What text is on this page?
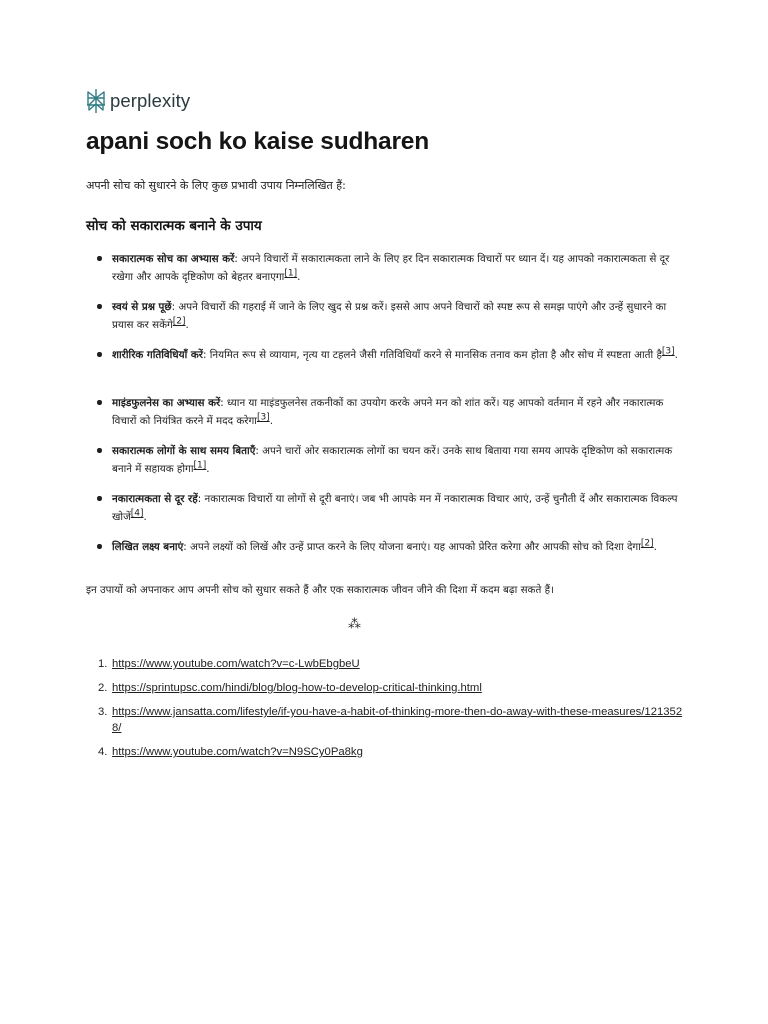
perplexity
apani soch ko kaise sudharen
अपनी सोच को सुधारने के लिए कुछ प्रभावी उपाय निम्नलिखित हैं:
सोच को सकारात्मक बनाने के उपाय
सकारात्मक सोच का अभ्यास करें: अपने विचारों में सकारात्मकता लाने के लिए हर दिन सकारात्मक विचारों पर ध्यान दें। यह आपको नकारात्मकता से दूर रखेगा और आपके दृष्टिकोण को बेहतर बनाएगा[1].
स्वयं से प्रश्न पूछें: अपने विचारों की गहराई में जाने के लिए खुद से प्रश्न करें। इससे आप अपने विचारों को स्पष्ट रूप से समझ पाएंगे और उन्हें सुधारने का प्रयास कर सकेंगे[2].
शारीरिक गतिविधियाँ करें: नियमित रूप से व्यायाम, नृत्य या टहलने जैसी गतिविधियाँ करने से मानसिक तनाव कम होता है और सोच में स्पष्टता आती है[3].
माइंडफुलनेस का अभ्यास करें: ध्यान या माइंडफुलनेस तकनीकों का उपयोग करके अपने मन को शांत करें। यह आपको वर्तमान में रहने और नकारात्मक विचारों को नियंत्रित करने में मदद करेगा[3].
सकारात्मक लोगों के साथ समय बिताएँ: अपने चारों ओर सकारात्मक लोगों का चयन करें। उनके साथ बिताया गया समय आपके दृष्टिकोण को सकारात्मक बनाने में सहायक होगा[1].
नकारात्मकता से दूर रहें: नकारात्मक विचारों या लोगों से दूरी बनाएं। जब भी आपके मन में नकारात्मक विचार आएं, उन्हें चुनौती दें और सकारात्मक विकल्प खोजें[4].
लिखित लक्ष्य बनाएं: अपने लक्ष्यों को लिखें और उन्हें प्राप्त करने के लिए योजना बनाएं। यह आपको प्रेरित करेगा और आपकी सोच को दिशा देगा[2].
इन उपायों को अपनाकर आप अपनी सोच को सुधार सकते हैं और एक सकारात्मक जीवन जीने की दिशा में कदम बढ़ा सकते हैं।
⁂
1. https://www.youtube.com/watch?v=c-LwbEbgbeU
2. https://sprintupsc.com/hindi/blog/blog-how-to-develop-critical-thinking.html
3. https://www.jansatta.com/lifestyle/if-you-have-a-habit-of-thinking-more-then-do-away-with-these-measures/1213528/
4. https://www.youtube.com/watch?v=N9SCy0Pa8kg
